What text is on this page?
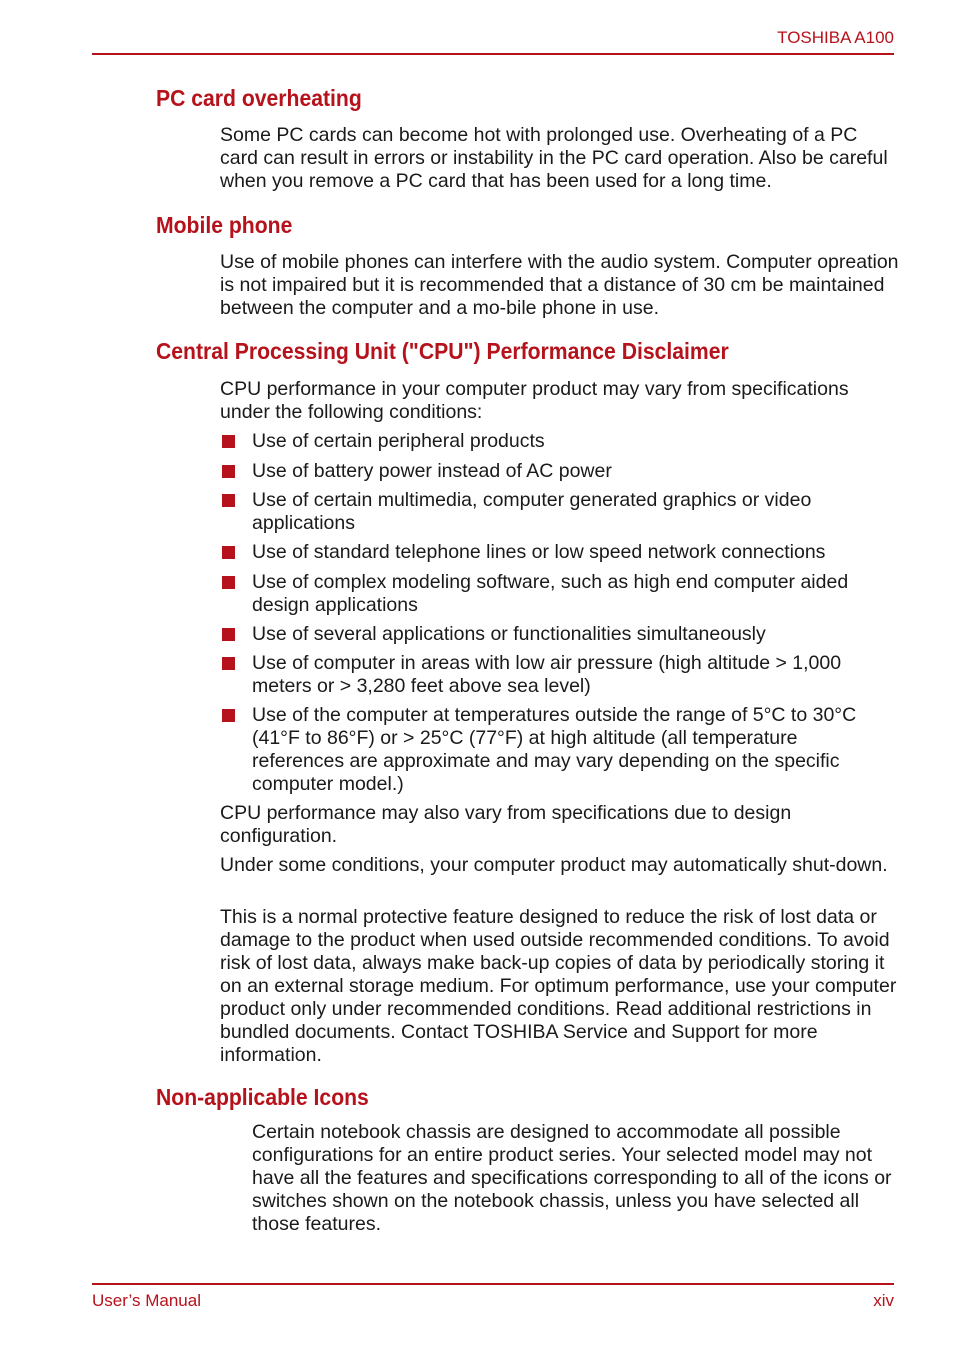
TOSHIBA A100
PC card overheating

Some PC cards can become hot with prolonged use. Overheating of a PC card can result in errors or instability in the PC card operation. Also be careful when you remove a PC card that has been used for a long time.

Mobile phone

Use of mobile phones can interfere with the audio system. Computer opreation is not impaired but it is recommended that a distance of 30 cm be maintained between the computer and a mo-bile phone in use.

Central Processing Unit ("CPU") Performance Disclaimer

CPU performance in your computer product may vary from specifications under the following conditions:

Use of certain peripheral products
Use of battery power instead of AC power
Use of certain multimedia, computer generated graphics or video applications
Use of standard telephone lines or low speed network connections
Use of complex modeling software, such as high end computer aided design applications
Use of several applications or functionalities simultaneously
Use of computer in areas with low air pressure (high altitude > 1,000 meters or > 3,280 feet above sea level)
Use of the computer at temperatures outside the range of 5°C to 30°C (41°F to 86°F) or > 25°C (77°F) at high altitude (all temperature references are approximate and may vary depending on the specific computer model.)

CPU performance may also vary from specifications due to design configuration.

Under some conditions, your computer product may automatically shut-down.

This is a normal protective feature designed to reduce the risk of lost data or damage to the product when used outside recommended conditions. To avoid risk of lost data, always make back-up copies of data by periodically storing it on an external storage medium. For optimum performance, use your computer product only under recommended conditions. Read additional restrictions in bundled documents. Contact TOSHIBA Service and Support for more information.

Non-applicable Icons

Certain notebook chassis are designed to accommodate all possible configurations for an entire product series. Your selected model may not have all the features and specifications corresponding to all of the icons or switches shown on the notebook chassis, unless you have selected all those features.

User’s Manual	xiv
